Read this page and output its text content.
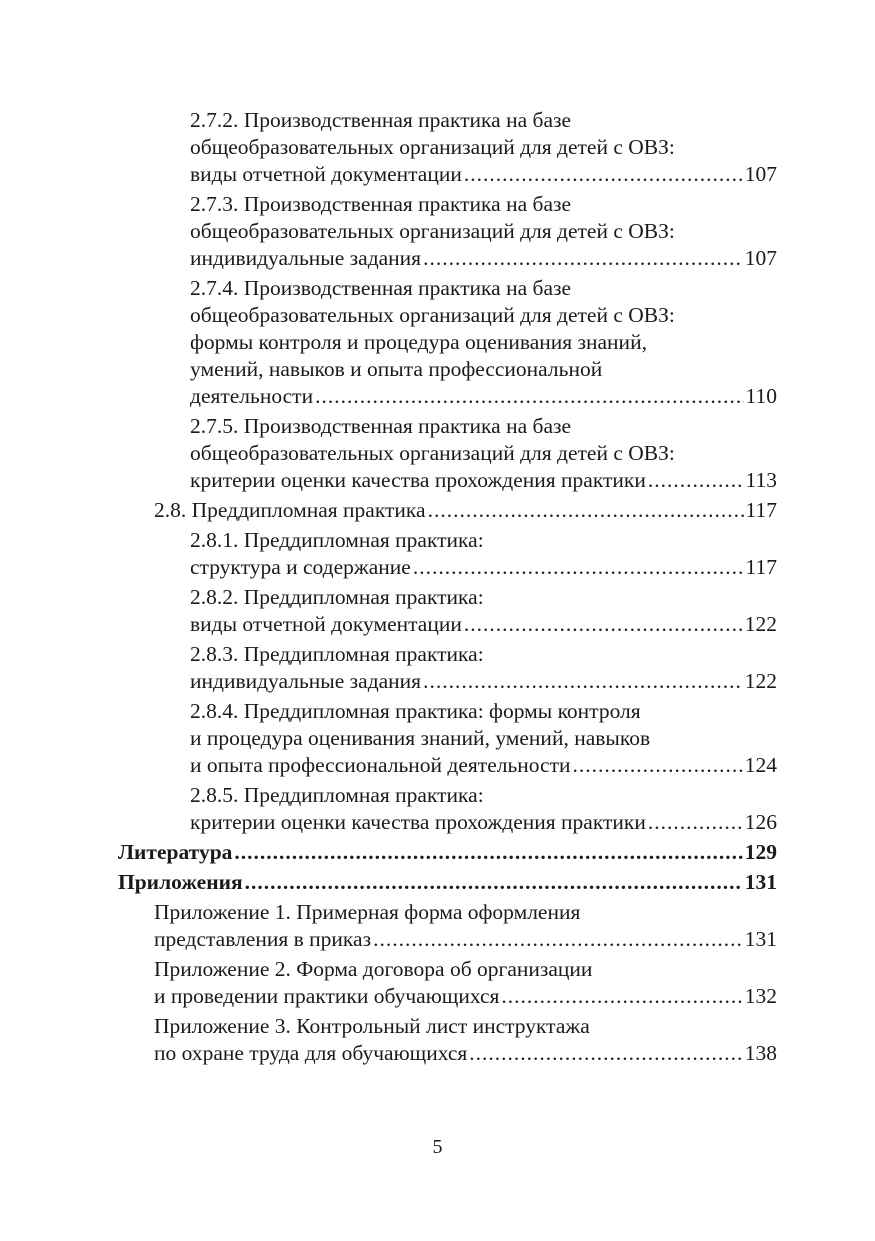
2.7.2. Производственная практика на базе
общеобразовательных организаций для детей с ОВЗ:
виды отчетной документации .....	107
2.7.3. Производственная практика на базе
общеобразовательных организаций для детей с ОВЗ:
индивидуальные задания .....	107
2.7.4. Производственная практика на базе
общеобразовательных организаций для детей с ОВЗ:
формы контроля и процедура оценивания знаний,
умений, навыков и опыта профессиональной
деятельности .....	110
2.7.5. Производственная практика на базе
общеобразовательных организаций для детей с ОВЗ:
критерии оценки качества прохождения практики .....	113
2.8. Преддипломная практика .....	117
2.8.1. Преддипломная практика:
структура и содержание .....	117
2.8.2. Преддипломная практика:
виды отчетной документации .....	122
2.8.3. Преддипломная практика:
индивидуальные задания .....	122
2.8.4. Преддипломная практика: формы контроля
и процедура оценивания знаний, умений, навыков
и опыта профессиональной деятельности .....	124
2.8.5. Преддипломная практика:
критерии оценки качества прохождения практики .....	126
Литература .....	129
Приложения .....	131
Приложение 1. Примерная форма оформления
представления в приказ .....	131
Приложение 2. Форма договора об организации
и проведении практики обучающихся .....	132
Приложение 3. Контрольный лист инструктажа
по охране труда для обучающихся .....	138
5
